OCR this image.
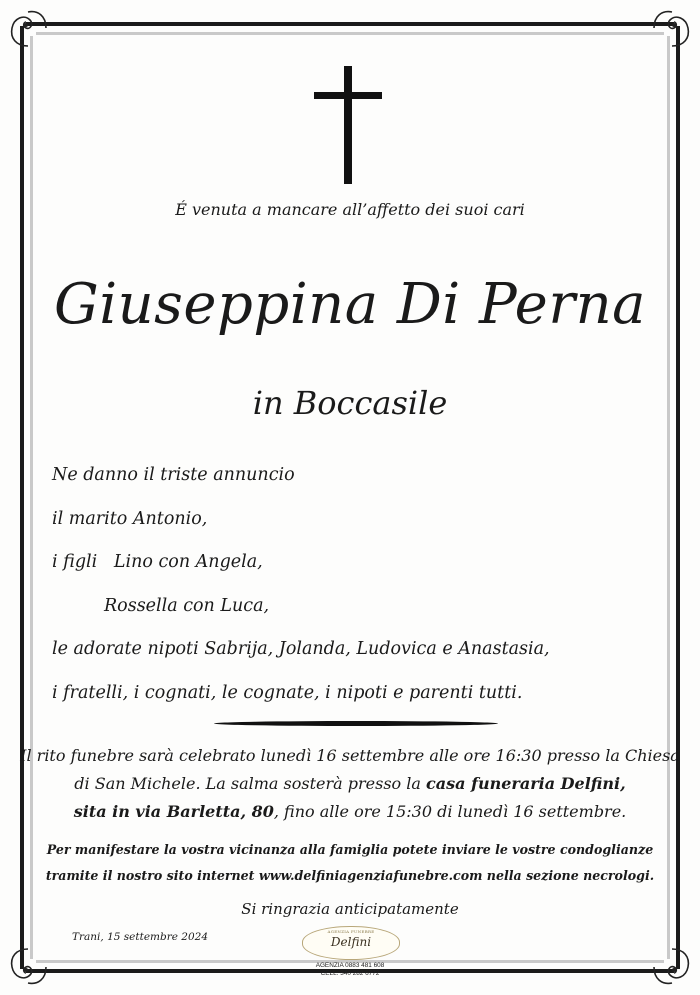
É venuta a mancare all’affetto dei suoi cari
Giuseppina Di Perna
in Boccasile
Ne danno il triste annuncio
il marito Antonio,
i figli   Lino con Angela,
Rossella con Luca,
le adorate nipoti Sabrija, Jolanda, Ludovica e Anastasia,
i fratelli, i cognati, le cognate, i nipoti e parenti tutti.
Il rito funebre sarà celebrato lunedì 16 settembre alle ore 16:30 presso la Chiesa
di San Michele. La salma sosterà presso la casa funeraria Delfini,
sita in via Barletta, 80, fino alle ore 15:30 di lunedì 16 settembre.
Per manifestare la vostra vicinanza alla famiglia potete inviare le vostre condoglianze
tramite il nostro sito internet www.delfiniagenziafunebre.com nella sezione necrologi.
Si ringrazia anticipatamente
Trani, 15 settembre 2024	AGENZIA FUNEBRE
Delfini
AGENZIA 0883 481 608
CELL. 340 282 6772
